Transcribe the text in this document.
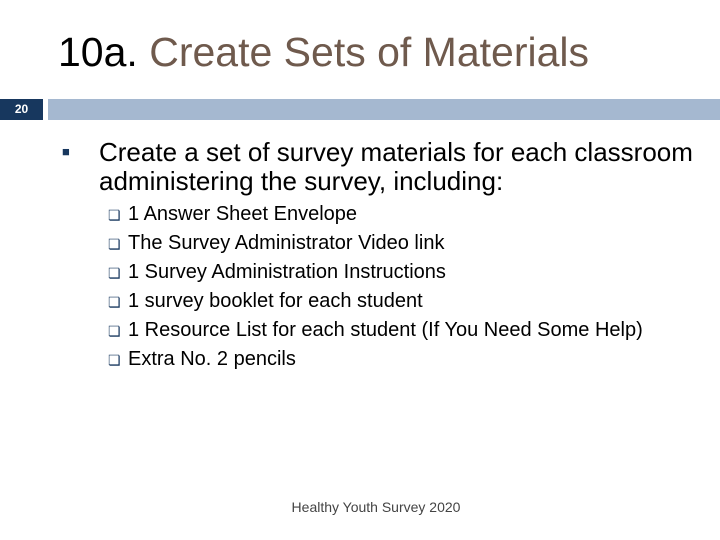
10a. Create Sets of Materials
20
■ Create a set of survey materials for each classroom administering the survey, including:
❏ 1 Answer Sheet Envelope
❏ The Survey Administrator Video link
❏ 1 Survey Administration Instructions
❏ 1 survey booklet for each student
❏ 1 Resource List for each student (If You Need Some Help)
❏ Extra No. 2 pencils
Healthy Youth Survey 2020
